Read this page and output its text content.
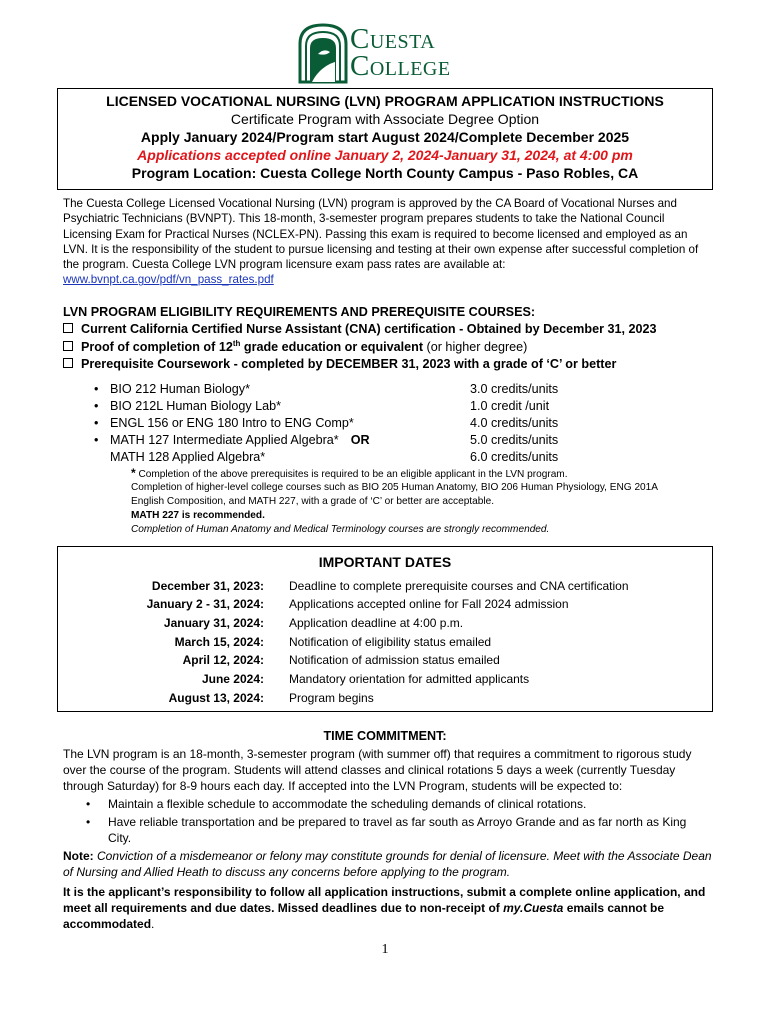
Cuesta
College
LICENSED VOCATIONAL NURSING (LVN) PROGRAM APPLICATION INSTRUCTIONS
Certificate Program with Associate Degree Option
Apply January 2024/Program start August 2024/Complete December 2025
Applications accepted online January 2, 2024-January 31, 2024, at 4:00 pm
Program Location: Cuesta College North County Campus - Paso Robles, CA
The Cuesta College Licensed Vocational Nursing (LVN) program is approved by the CA Board of Vocational Nurses and Psychiatric Technicians (BVNPT). This 18-month, 3-semester program prepares students to take the National Council Licensing Exam for Practical Nurses (NCLEX-PN). Passing this exam is required to become licensed and employed as an LVN. It is the responsibility of the student to pursue licensing and testing at their own expense after successful completion of the program. Cuesta College LVN program licensure exam pass rates are available at: www.bvnpt.ca.gov/pdf/vn_pass_rates.pdf
LVN PROGRAM ELIGIBILITY REQUIREMENTS AND PREREQUISITE COURSES:
Current California Certified Nurse Assistant (CNA) certification - Obtained by December 31, 2023
Proof of completion of 12th grade education or equivalent (or higher degree)
Prerequisite Coursework - completed by DECEMBER 31, 2023 with a grade of ‘C’ or better
• BIO 212 Human Biology*	3.0 credits/units
• BIO 212L Human Biology Lab*	1.0 credit /unit
• ENGL 156 or ENG 180 Intro to ENG Comp*	4.0 credits/units
• MATH 127 Intermediate Applied Algebra* OR	5.0 credits/units
MATH 128 Applied Algebra*	6.0 credits/units
* Completion of the above prerequisites is required to be an eligible applicant in the LVN program.
Completion of higher-level college courses such as BIO 205 Human Anatomy, BIO 206 Human Physiology, ENG 201A English Composition, and MATH 227, with a grade of ‘C’ or better are acceptable.
MATH 227 is recommended.
Completion of Human Anatomy and Medical Terminology courses are strongly recommended.
IMPORTANT DATES
December 31, 2023: Deadline to complete prerequisite courses and CNA certification
January 2 - 31, 2024: Applications accepted online for Fall 2024 admission
January 31, 2024: Application deadline at 4:00 p.m.
March 15, 2024: Notification of eligibility status emailed
April 12, 2024: Notification of admission status emailed
June 2024: Mandatory orientation for admitted applicants
August 13, 2024: Program begins
TIME COMMITMENT:
The LVN program is an 18-month, 3-semester program (with summer off) that requires a commitment to rigorous study over the course of the program. Students will attend classes and clinical rotations 5 days a week (currently Tuesday through Saturday) for 8-9 hours each day. If accepted into the LVN Program, students will be expected to:
• Maintain a flexible schedule to accommodate the scheduling demands of clinical rotations.
• Have reliable transportation and be prepared to travel as far south as Arroyo Grande and as far north as King City.
Note: Conviction of a misdemeanor or felony may constitute grounds for denial of licensure. Meet with the Associate Dean of Nursing and Allied Heath to discuss any concerns before applying to the program.
It is the applicant’s responsibility to follow all application instructions, submit a complete online application, and meet all requirements and due dates. Missed deadlines due to non-receipt of my.Cuesta emails cannot be accommodated.
1
